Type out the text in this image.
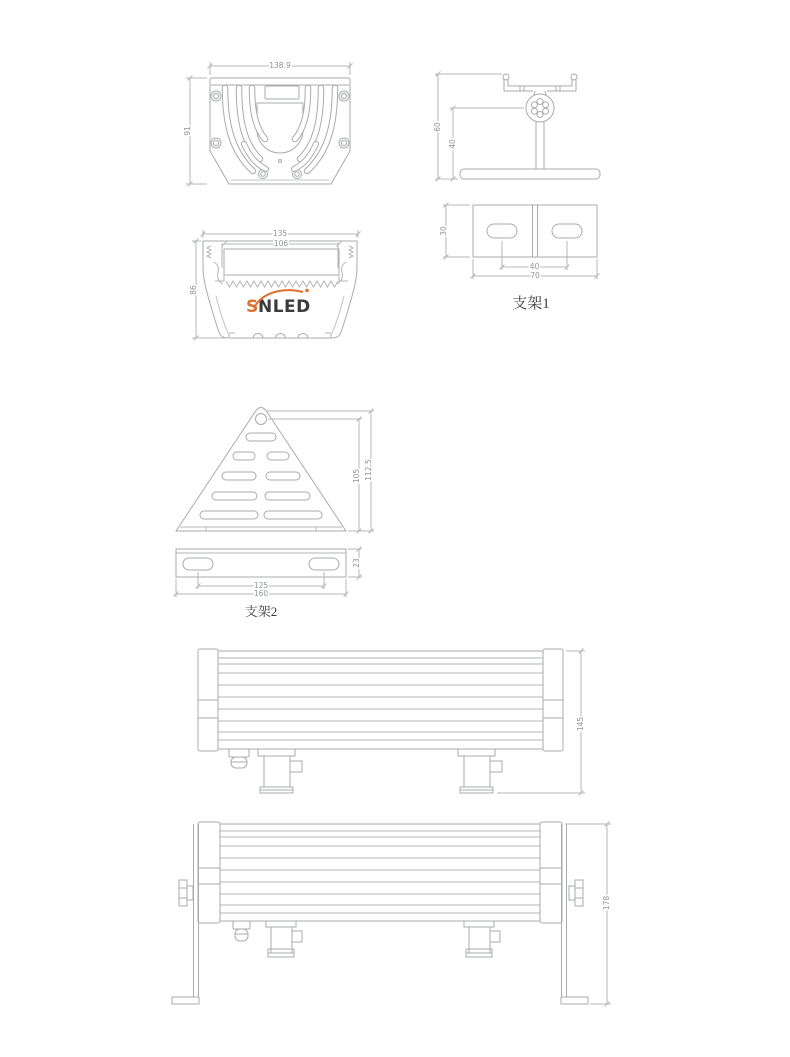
138.9
91	60
40
S NLED
135
106
86
30
40
70
支架1
105 112.5
23
125
160
支架2
145
178
